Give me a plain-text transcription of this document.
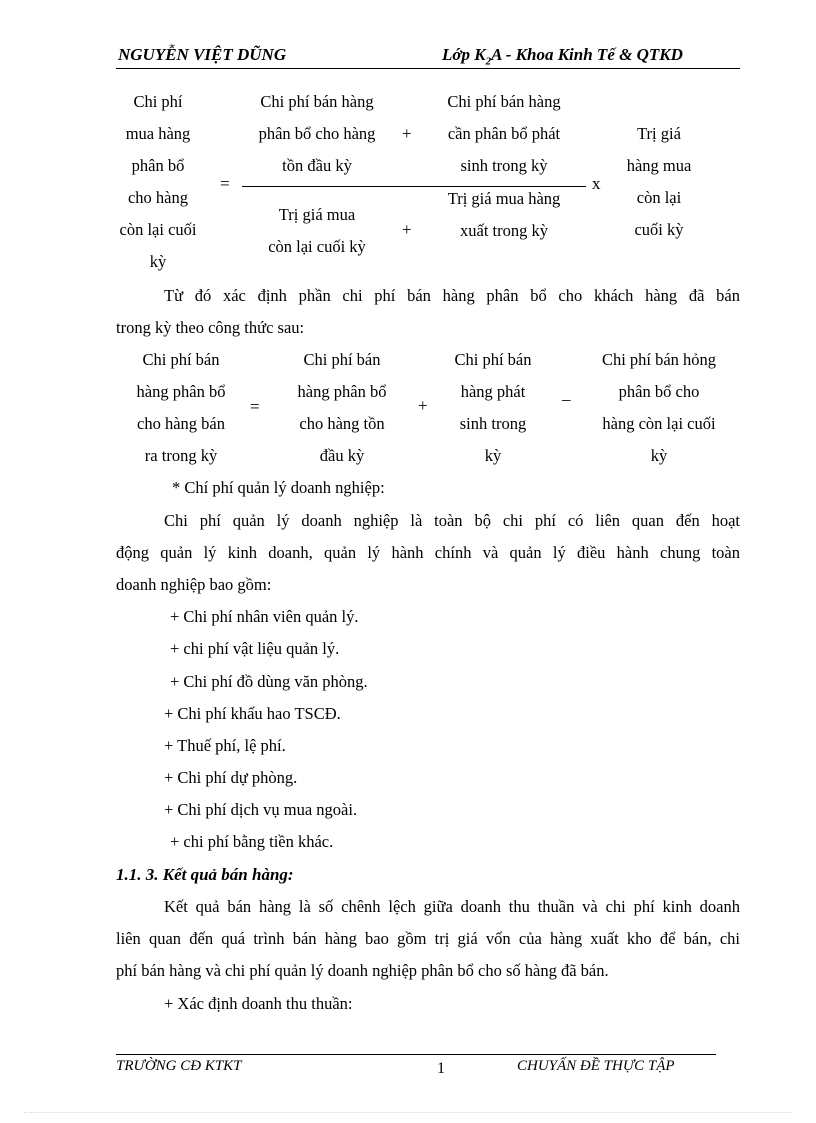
NGUYỄN VIỆT DŨNG	Lớp $K_2A$ - Khoa Kinh Tế & QTKD
Chi phí
mua hàng
phân bổ
cho hàng
còn lại cuối
kỳ
=
Chi phí bán hàng
phân bổ cho hàng
tồn đầu kỳ
+
Chi phí bán hàng
cần phân bổ phát
sinh trong kỳ
x
Trị giá mua
còn lại cuối kỳ
+
Trị giá mua hàng
xuất trong kỳ
Trị giá
hàng mua
còn lại
cuối kỳ
Từ đó xác định phần chi phí bán hàng phân bổ cho khách hàng đã bán
trong kỳ theo công thức sau:
Chi phí bán
hàng phân bổ
cho hàng bán
ra trong kỳ
=
Chi phí bán
hàng phân bổ
cho hàng tồn
đầu kỳ
+
Chi phí bán
hàng phát
sinh trong
kỳ
_
Chi phí bán hỏng
phân bổ cho
hàng còn lại cuối
kỳ
* Chí phí quản lý doanh nghiệp:
Chi phí quản lý doanh nghiệp là toàn bộ chi phí có liên quan đến hoạt
động quản lý kinh doanh, quản lý hành chính và quản lý điều hành chung toàn
doanh nghiệp bao gồm:
+ Chi phí nhân viên quản lý.
+ chi phí vật liệu quản lý.
+ Chi phí đồ dùng văn phòng.
+ Chi phí khấu hao TSCĐ.
+ Thuế phí, lệ phí.
+ Chi phí dự phòng.
+ Chi phí dịch vụ mua ngoài.
+ chi phí bằng tiền khác.
1.1. 3. Kết quả bán hàng:
Kết quả bán hàng là số chênh lệch giữa doanh thu thuần và chi phí kinh doanh
liên quan đến quá trình bán hàng bao gồm trị giá vốn của hàng xuất kho để bán, chi
phí bán hàng và chi phí quản lý doanh nghiệp phân bổ cho số hàng đã bán.
+ Xác định doanh thu thuần:
TRƯỜNG CĐ KTKT	1	CHUYẤN ĐỀ THỰC TẬP
